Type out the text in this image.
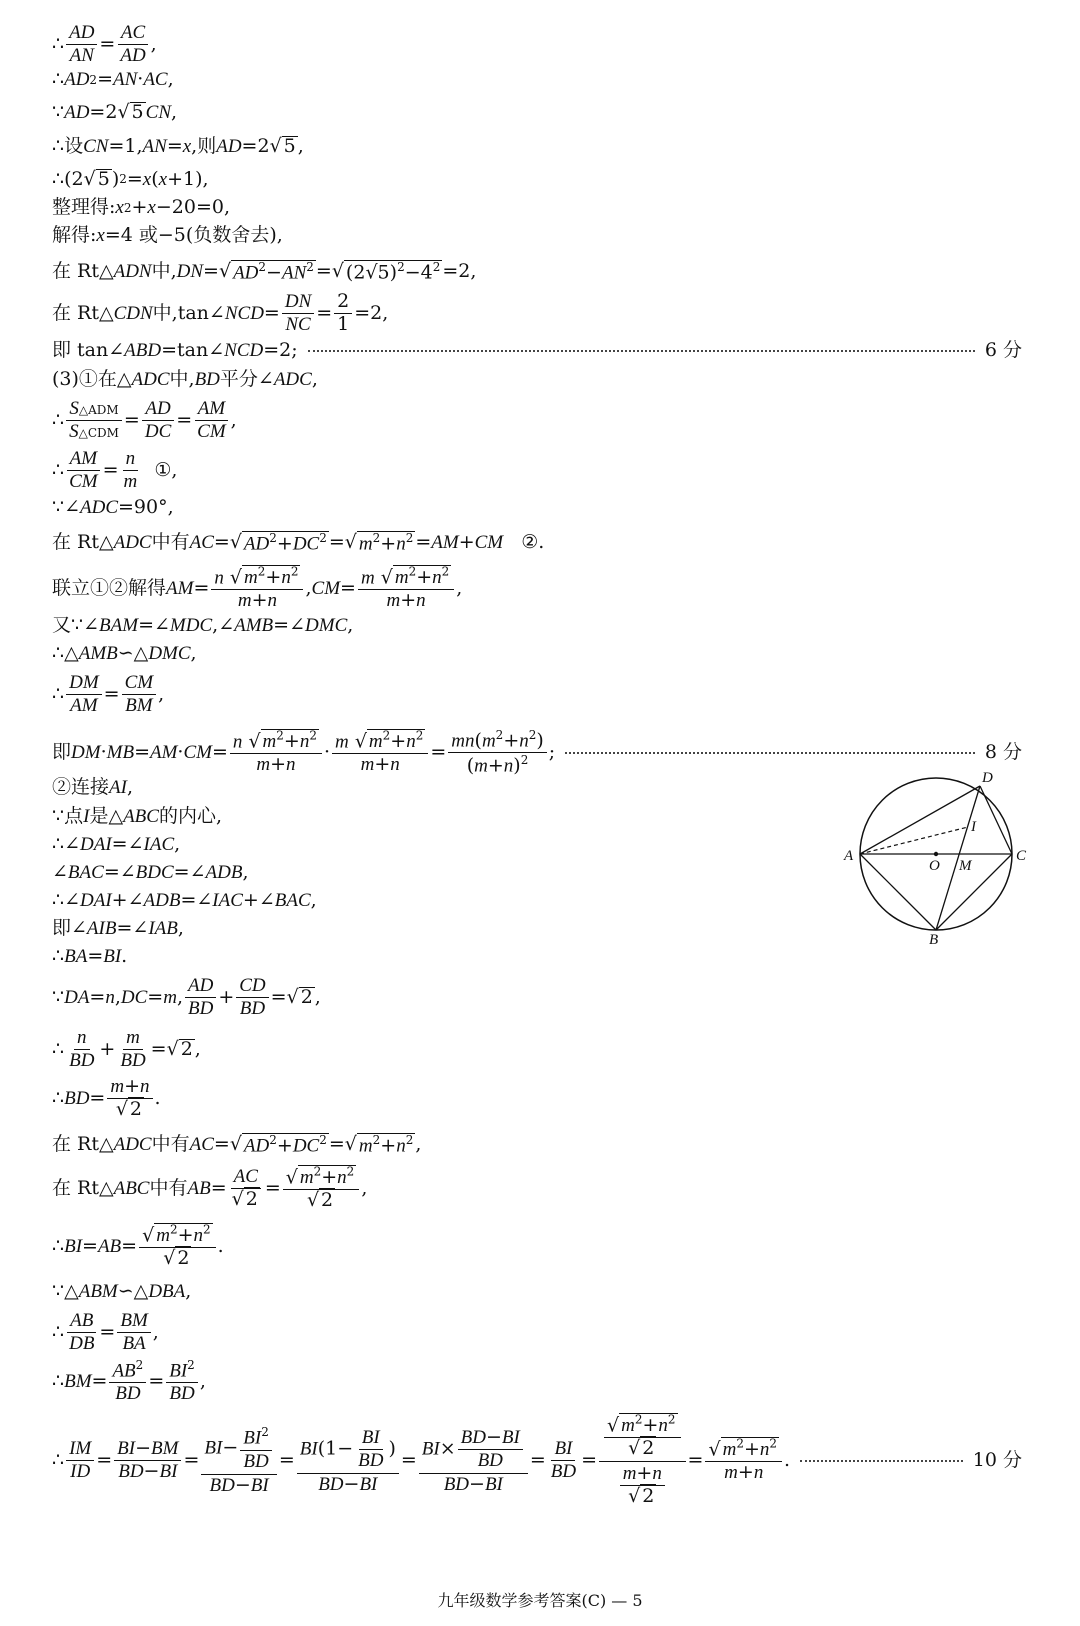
∴
AD
AN
=
AC
AD
,
∴ AD 2 = AN · AC ,
∵ AD =2 √ 5 CN ,
∴ 设 CN =1, AN = x ,则 AD =2 √ 5 ,
∴ (2 √ 5 ) 2 = x ( x +1),
整理得: x 2 + x −20=0,
解得: x =4 或−5(负数舍去),
在 Rt△ ADN 中, DN = √ $AD^2-AN^2$ = √ $(2√5)^2-4^2 =2$,
在 Rt△ CDN 中,tan∠ NCD =
DN
NC
=
2
1 =2,
即 tan∠ABD=tan∠NCD=2;	6 分
(3)①在△ ADC 中, BD 平分∠ ADC ,
∴
S△ADM
S△CDM
=
AD
DC
=
AM
CM
,
∴
AM
CM
=
n
m
①,
∵ ∠ ADC =90°,
在 Rt△ ADC 中有 AC = √ $AD^2+DC^2$ = √ $m^2+n^2$ = AM + CM ②.
联立①②解得 AM = n √ $m^2+n^2$
m+n
, CM = m √ $m^2+n^2$
m+n
,
又 ∵ ∠ BAM =∠ MDC ,∠ AMB =∠ DMC ,
∴ △ AMB ∽△ DMC ,
∴
DM
AM
=
CM
BM
,
即 DM · MB = AM · CM = n √ $m^2+n^2$
m+n
· m √ $m^2+n^2$
m+n
=
$mn(m^2+n^2)$
$(m+n)^2$ ;	8 分
②连接 AI ,
∵ 点 I 是△ ABC 的内心,
∴ ∠ DAI =∠ IAC ,
∠ BAC =∠ BDC =∠ ADB ,
∴ ∠ DAI +∠ ADB =∠ IAC +∠ BAC ,
即∠ AIB =∠ IAB ,
∴ BA = BI .
∵ DA = n , DC = m ,
AD
BD
+
CD
BD
= √ 2 ,
∴
n
BD
+
m
BD
= √ 2 ,
∴ BD =
m+n
√ 2 .
在 Rt△ ADC 中有 AC = √ $AD^2+DC^2$ = √ $m^2+n^2$ ,
在 Rt△ ABC 中有 AB =
AC
√ 2 = √ $m^2+n^2$
√ 2
,
∴ BI = AB = √ $m^2+n^2$
√ 2
.
∵ △ ABM ∽△ DBA ,
∴
AB
DB
=
BM
BA
,
∴ BM = $AB^2$
BD
= $BI^2$
BD
,
∴
IM
ID
=
BI−BM
BD−BI
=
$BI- \frac{BI^2}{BD}$
BD−BI
=
$BI(1- \frac{BI}{BD}$ )
BD−BI
=
$BI\times \frac{BD-BI}{BD}$
BD−BI
=
BI
BD
= $\frac{√ m^2+n^2}{√ 2}$
$\frac{m+n}{√ 2}$
= √ $m^2+n^2$
m+n
.	10 分
A
B
C
D
O
I
M
九年级数学参考答案(C) — 5
